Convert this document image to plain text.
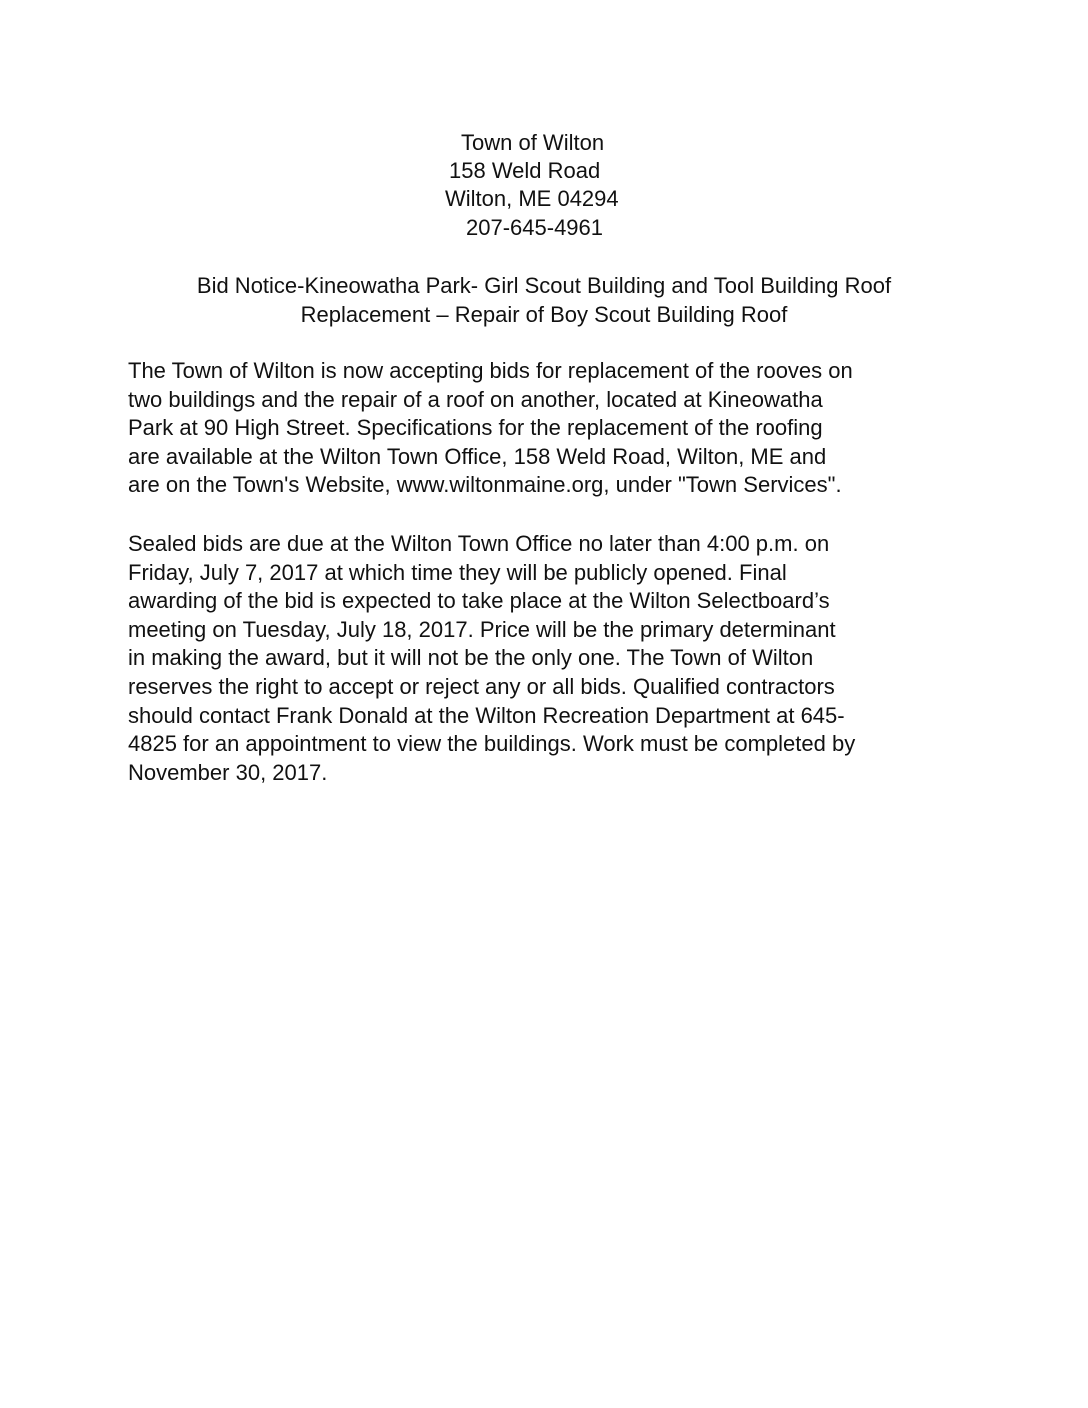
Town of Wilton
158 Weld Road
Wilton, ME 04294
207-645-4961
Bid Notice-Kineowatha Park- Girl Scout Building and Tool Building Roof
Replacement – Repair of Boy Scout Building Roof
The Town of Wilton is now accepting bids for replacement of the rooves on
two buildings and the repair of a roof on another, located at Kineowatha
Park at 90 High Street. Specifications for the replacement of the roofing
are available at the Wilton Town Office, 158 Weld Road, Wilton, ME and
are on the Town's Website, www.wiltonmaine.org, under "Town Services".
Sealed bids are due at the Wilton Town Office no later than 4:00 p.m. on
Friday, July 7, 2017 at which time they will be publicly opened. Final
awarding of the bid is expected to take place at the Wilton Selectboard’s
meeting on Tuesday, July 18, 2017. Price will be the primary determinant
in making the award, but it will not be the only one. The Town of Wilton
reserves the right to accept or reject any or all bids. Qualified contractors
should contact Frank Donald at the Wilton Recreation Department at 645-
4825 for an appointment to view the buildings. Work must be completed by
November 30, 2017.
